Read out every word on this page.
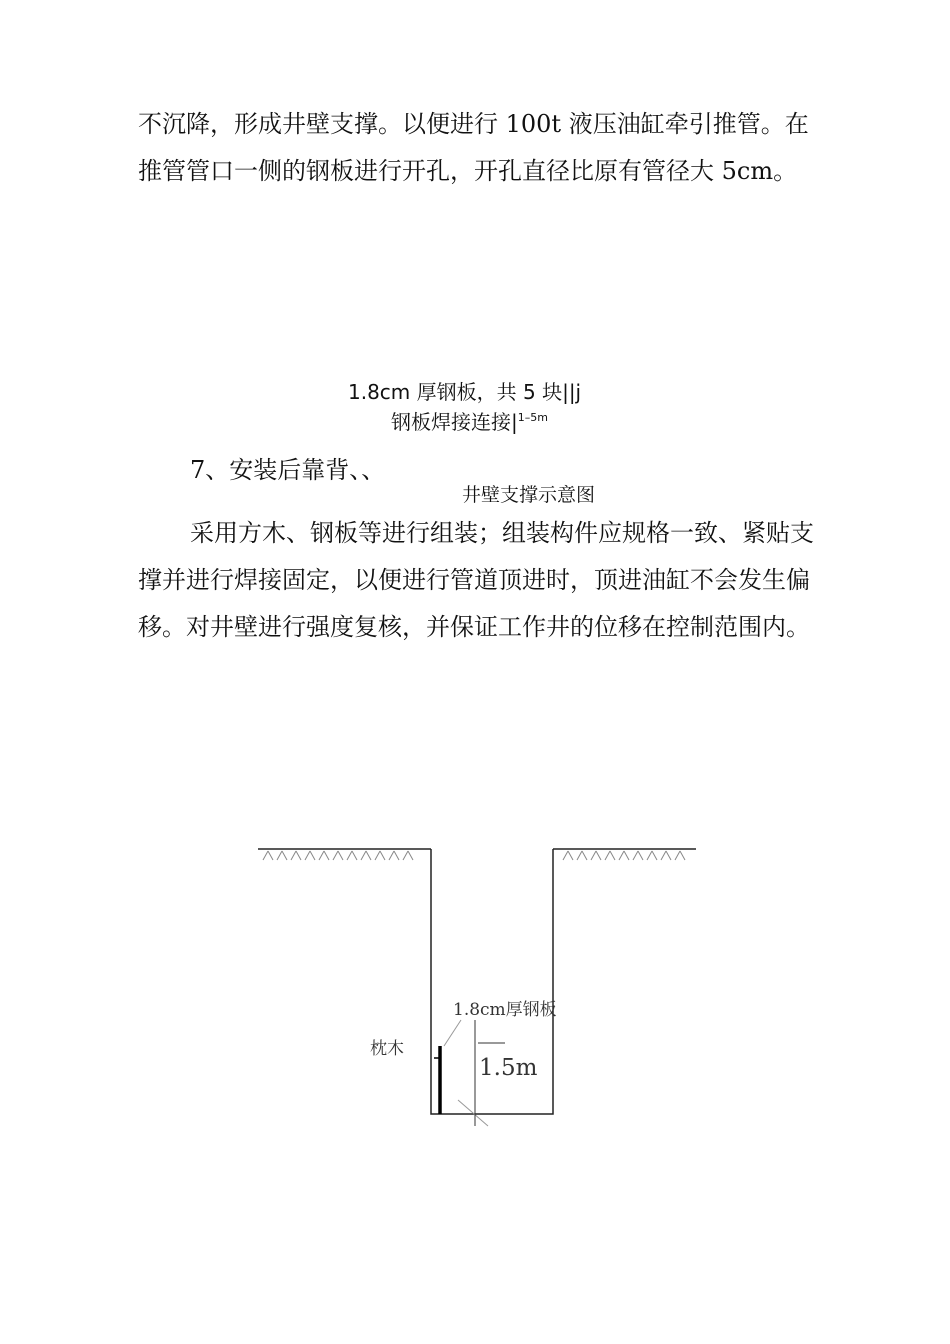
不沉降，形成井壁支撑。以便进行 100t 液压油缸牵引推管。在推管管口一侧的钢板进行开孔，开孔直径比原有管径大 5cm。

1.8cm 厚钢板，共 5 块||j

钢板焊接连接$|^{1-5m}$

7、安装后靠背、、

井壁支撑示意图

采用方木、钢板等进行组装；组装构件应规格一致、紧贴支撑并进行焊接固定，以便进行管道顶进时，顶进油缸不会发生偏移。对井壁进行强度复核，并保证工作井的位移在控制范围内。

1.8cm厚钢板
枕木
1.5m
